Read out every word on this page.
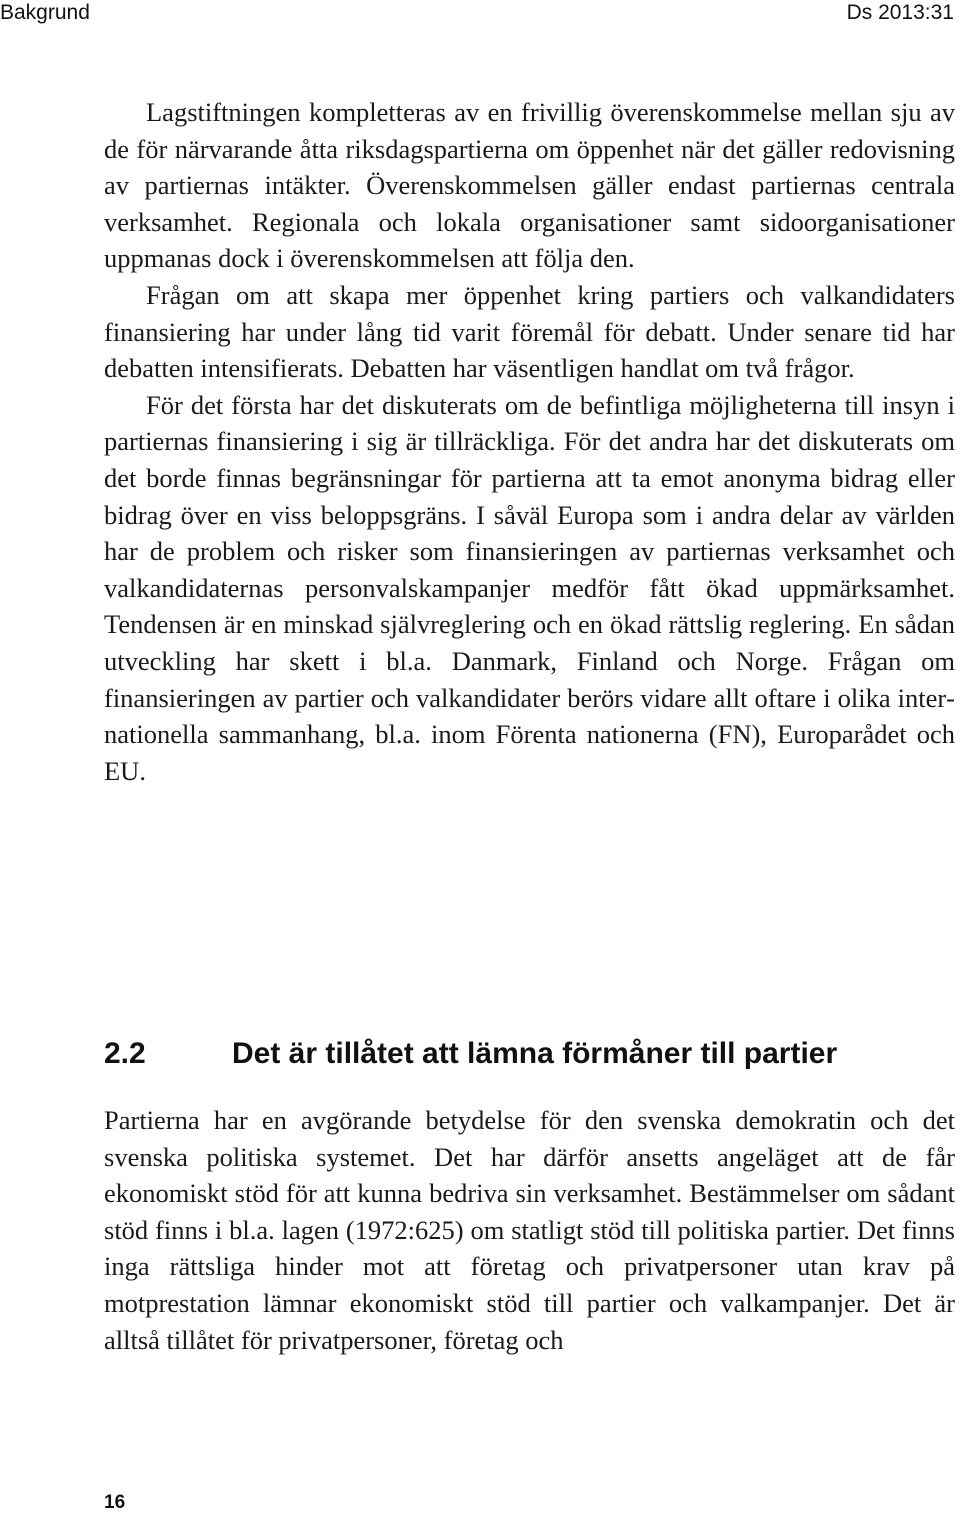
Bakgrund	Ds 2013:31

Lagstiftningen kompletteras av en frivillig överenskommelse mellan sju av de för närvarande åtta riksdagspartierna om öppenhet när det gäller redovisning av partiernas intäkter. Överenskommelsen gäller endast partiernas centrala verksamhet. Regionala och lokala organisationer samt sidoorganisationer uppmanas dock i överenskommelsen att följa den.

Frågan om att skapa mer öppenhet kring partiers och valkandidaters finansiering har under lång tid varit föremål för debatt. Under senare tid har debatten intensifierats. Debatten har väsentligen handlat om två frågor.

För det första har det diskuterats om de befintliga möjligheterna till insyn i partiernas finansiering i sig är tillräckliga. För det andra har det diskuterats om det borde finnas begränsningar för partierna att ta emot anonyma bidrag eller bidrag över en viss beloppsgräns. I såväl Europa som i andra delar av världen har de problem och risker som finansieringen av partiernas verksamhet och valkandidaternas personvalskampanjer medför fått ökad uppmärksamhet. Tendensen är en minskad självreglering och en ökad rättslig reglering. En sådan utveckling har skett i bl.a. Danmark, Finland och Norge. Frågan om finansieringen av partier och valkandidater berörs vidare allt oftare i olika internationella sammanhang, bl.a. inom Förenta nationerna (FN), Europarådet och EU.

2.2	Det är tillåtet att lämna förmåner till partier

Partierna har en avgörande betydelse för den svenska demokratin och det svenska politiska systemet. Det har därför ansetts angeläget att de får ekonomiskt stöd för att kunna bedriva sin verksamhet. Bestämmelser om sådant stöd finns i bl.a. lagen (1972:625) om statligt stöd till politiska partier. Det finns inga rättsliga hinder mot att företag och privatpersoner utan krav på motprestation lämnar ekonomiskt stöd till partier och valkampanjer. Det är alltså tillåtet för privatpersoner, företag och

16
